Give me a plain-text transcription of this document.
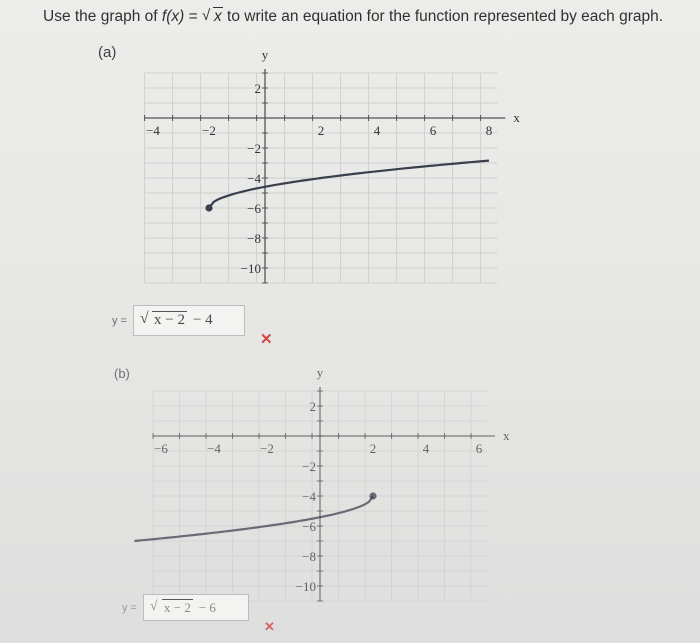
Use the graph of f(x) = √ x to write an equation for the function represented by each graph.
(a)
−4	−2	2	4	6	8
2
−2
−4
−6
−8
−10
x
y
y =	√ x − 2 − 4
✕
(b)
−6	−4	−2	2	4	6
2
−2
−4
−6
−8
−10
x
y
y =	√ x − 2 − 6
✕
